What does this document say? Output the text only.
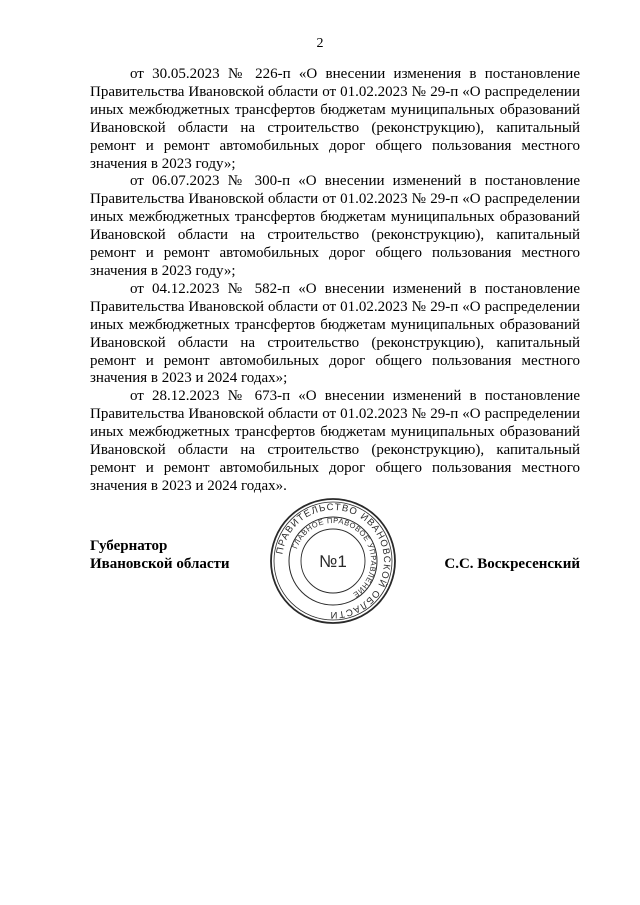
2

от 30.05.2023 № 226-п «О внесении изменения в постановление Правительства Ивановской области от 01.02.2023 № 29-п «О распределении иных межбюджетных трансфертов бюджетам муниципальных образований Ивановской области на строительство (реконструкцию), капитальный ремонт и ремонт автомобильных дорог общего пользования местного значения в 2023 году»;

от 06.07.2023 № 300-п «О внесении изменений в постановление Правительства Ивановской области от 01.02.2023 № 29-п «О распределении иных межбюджетных трансфертов бюджетам муниципальных образований Ивановской области на строительство (реконструкцию), капитальный ремонт и ремонт автомобильных дорог общего пользования местного значения в 2023 году»;

от 04.12.2023 № 582-п «О внесении изменений в постановление Правительства Ивановской области от 01.02.2023 № 29-п «О распределении иных межбюджетных трансфертов бюджетам муниципальных образований Ивановской области на строительство (реконструкцию), капитальный ремонт и ремонт автомобильных дорог общего пользования местного значения в 2023 и 2024 годах»;

от 28.12.2023 № 673-п «О внесении изменений в постановление Правительства Ивановской области от 01.02.2023 № 29-п «О распределении иных межбюджетных трансфертов бюджетам муниципальных образований Ивановской области на строительство (реконструкцию), капитальный ремонт и ремонт автомобильных дорог общего пользования местного значения в 2023 и 2024 годах».

Губернатор
Ивановской области
ПРАВИТЕЛЬСТВО ИВАНОВСКОЙ ОБЛАСТИ
ГЛАВНОЕ ПРАВОВОЕ УПРАВЛЕНИЕ
№1	С.С. Воскресенский
